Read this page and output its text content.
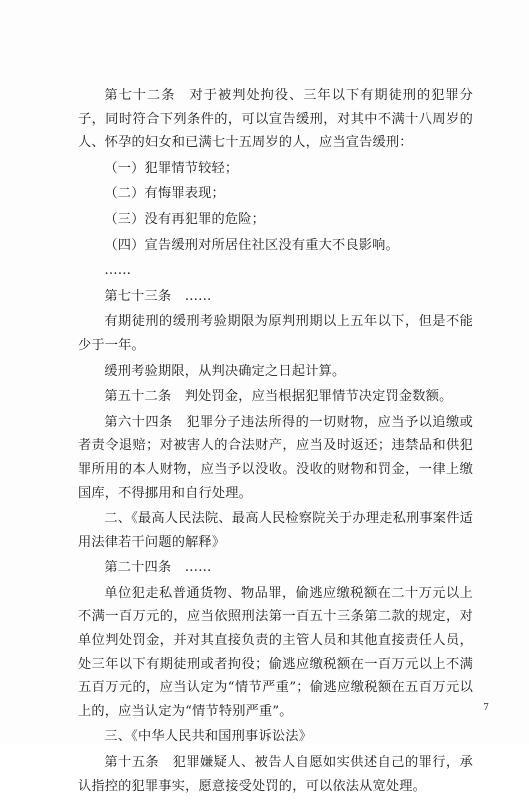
第七十二条　对于被判处拘役、三年以下有期徒刑的犯罪分子，同时符合下列条件的，可以宣告缓刑，对其中不满十八周岁的人、怀孕的妇女和已满七十五周岁的人，应当宣告缓刑：

（一）犯罪情节较轻；

（二）有悔罪表现；

（三）没有再犯罪的危险；

（四）宣告缓刑对所居住社区没有重大不良影响。

……

第七十三条　……

有期徒刑的缓刑考验期限为原判刑期以上五年以下，但是不能少于一年。

缓刑考验期限，从判决确定之日起计算。

第五十二条　判处罚金，应当根据犯罪情节决定罚金数额。

第六十四条　犯罪分子违法所得的一切财物，应当予以追缴或者责令退赔；对被害人的合法财产，应当及时返还；违禁品和供犯罪所用的本人财物，应当予以没收。没收的财物和罚金，一律上缴国库，不得挪用和自行处理。

二、《最高人民法院、最高人民检察院关于办理走私刑事案件适用法律若干问题的解释》

第二十四条　……

单位犯走私普通货物、物品罪，偷逃应缴税额在二十万元以上不满一百万元的，应当依照刑法第一百五十三条第二款的规定，对单位判处罚金，并对其直接负责的主管人员和其他直接责任人员，处三年以下有期徒刑或者拘役；偷逃应缴税额在一百万元以上不满五百万元的，应当认定为“情节严重”；偷逃应缴税额在五百万元以上的，应当认定为“情节特别严重”。

三、《中华人民共和国刑事诉讼法》

第十五条　犯罪嫌疑人、被告人自愿如实供述自己的罪行，承认指控的犯罪事实，愿意接受处罚的，可以依法从宽处理。

7
